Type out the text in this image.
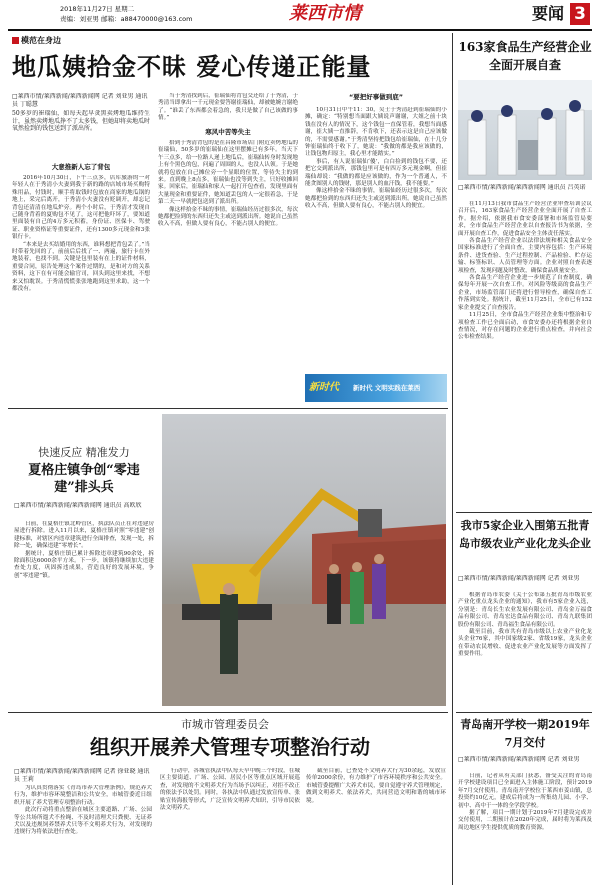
2018年11月27日 星期二
责编：刘亚男 邮箱：a88470000@163.com	莱西市情	要闻 3
模范在身边
地瓜姨拾金不昧 爱心传递正能量
□莱西市情/莱西新闻/莱西新闻网 记者 刘亚男 通讯员 丁聪慧
50多岁的崔瑞仙，如每天起早贪黑卖烤地瓜维持生计，虽然卖烤地瓜挣不了太多钱，但她却将卖地瓜时氧然捡到的钱包送到了派出所。
大意推新人忘了背包

2016年10月30日，下午三点多，店库旅游的一对年轻人在于秀清小夫妻到我于新的路的店域市场买购特殊用品，付钱时，顺手将取钱时包放在商家的地瓜锅的地上，采完后离开，于秀清小夫妻没有贬调开，却忘记背包还清清在地瓜炉旁。两个小时后，于秀清才发现自己随身背着的夏购包不见了，这可把他吓坏了，要知道里面装有自己的4万多元积蓄，身份证、医保卡、驾驶证、职业资格证等重要证件，还有1300多元现金和3张银行卡。

“本来是去买结婚用的东西，谁料想把背包丢了。”当时带着先回的了，前前后后找了一、两遍，旅行卡在外地装着，也找不到。关键是包里装有在上的证件材料，重要合同，原告处理这个案件过期的，是和对方的关系资料，这下在有可能会输官司，回头到这里来找，不想来又怕耽误。于秀清慌慌张张地跑到这里求助，这一个都没有。

当于秀清找到后，崔瑞仙将背包交还给了于秀清，于秀清当即拿出一千元现金要答谢崔瑞仙，却被她婉言谢绝了。“谁丢了东西都会着急的，我只是做了自己该做的事情。”

寒风中苦等失主

拾到于秀清背包的是在昌隆市场店门附近卖烤地瓜的崔瑞仙，50多岁的崔瑞仙在这里摆摊已有多年。当天下午三点多，给一位路人递上地瓜后，崔瑞仙转身时发现地上有个黑色的包，问遍了周围的人，也没人认领。于是她就将包放在自己摊位旁一个显眼的位置，等待失主的到来。直到晚上8点多，崔瑞仙也没等到失主，只好收摊回家。回家后，崔瑞仙和家人一起打开包查看，发现里面有大量现金和重要证件，她知道丢包的人一定很着急，于是第二天一早就把包送到了派出所。

像这样拾金不昧的事情，崔瑞仙经历过很多次，每次她都把捡到的东西归还失主或送到派出所。她说自己虽然收入不高，但做人要有良心，不能占别人的便宜。

“要把好事做到底”

10月31日中午11：30，吴士于秀清赶到崔瑞仙的小摊，确定：“特别想当面跟大姨说声谢谢，大姐之前十块钱在没有人的情况下，这个钱包一直保管着，我想当面感谢，崔大姨一直推辞，不肯收下，还表示这是自己应该做的，不需要感谢。”于秀清坚持把钱包给崔瑞仙，在十几分钟崔瑞仙终于收下了，她说：“我做的都是我应该做的，让钱包物归原主，我心里才能踏实。”

事后，有人说崔瑞仙‘傻’，白白捡到的钱包不要，还把它交到派出所，那钱包里可是有四万多元现金啊，但崔瑞仙却说：“我做的都是应该做的，作为一个普通人，不能贪图别人的钱财，那是别人的血汗钱，我不能要。”

像这样拾金不昧的事情，崔瑞仙经历过很多次，每次她都把捡到的东西归还失主或送到派出所。她说自己虽然收入不高，但做人要有良心，不能占别人的便宜。

新时代	新时代 文明实践在莱西
快速反应 精准发力
夏格庄镇争创“零违建”排头兵
□莱西市情/莱西新闻/莱西新闻网 通讯员 高欧欣

日前，在夏格庄镇北岭管区，执法队员正在对违建房屋进行拆除。进入11月以来，夏格庄镇对照“零违建”创建标准，对辖区内违章建筑进行全面排查，发现一处，拆除一处，确保违建“零增长”。

据统计，夏格庄镇已累计拆除违章建筑90余处，拆除面积达6000余平方米。下一步，该镇将继续加大违建查处力度，巩固拆违成果，营造良好的发展环境，争创“零违建”镇。

市城市管理委员会
组织开展养犬管理专项整治行动
□莱西市情/莱西新闻/莱西新闻网 记者 徐亚晓 通讯员 王莉

为认真贯彻落实《青岛市养犬管理条例》，规范养犬行为，维护市容环境整洁和公共安全，市城管委近日组织开展了养犬管理专项整治行动。

此次行动将重点整治在城区主要道路、广场、公园等公共场所遛犬不拴绳、不及时清理犬只粪便、无证养犬以及违规饲养禁养犬只等不文明养犬行为，对发现的违规行为将依法进行查处。

行动中，各城管执法中队每天早中晚三个时段，在城区主要街道、广场、公园、居民小区等重点区域开展巡查，对发现的不文明养犬行为当场予以纠正，对拒不改正的依法予以处罚。同时，各执法中队通过发放宣传单、张贴宣传海报等形式，广泛宣传文明养犬知识，引导市民依法文明养犬。

截至目前，已查处不文明养犬行为30余起，发放宣传单2000余份，有力维护了市容环境秩序和公共安全。市城管委提醒广大养犬市民，要自觉遵守养犬管理规定，做到文明养犬、依法养犬，共同营造文明和谐的城市环境。

163家食品生产经营企业全面开展自查
□莱西市情/莱西新闻/莱西新闻网 通讯员 吕英诺

在11月13日我市食品生产经营企业审查培训会议召开后，163家食品生产经营企业全面开展了自查工作。据介绍，依据我市食安委部署和市场监管局要求，全市食品生产经营企业以自查报告书为依据，全面开展自查工作，促进食品安全主体责任落实。

各食品生产经营企业以法律法规和相关食品安全国家标准进行了全面自查，主要内容包括：生产环境条件、进货查验、生产过程控制、产品检验、贮存运输、标签标识、人员管理等方面。企业对照自查表逐项检查，发现问题及时整改，确保食品质量安全。

各食品生产经营企业进一步规范了自查制度，确保每年开展一次自查工作。对风险等级高的食品生产企业，市场监管部门还将进行督导检查，确保自查工作落到实处。据统计，截至11月25日，全市已有152家企业提交了自查报告。

11月25日，全市食品生产经营企业集中整治和专项检查工作已全面启动，市食安委办还将根据企业自查情况，对存在问题的企业进行重点检查，并向社会公布检查结果。

我市5家企业入围第五批青岛市级农业产业化龙头企业
□莱西市情/莱西新闻/莱西新闻网 记者 刘亚男

根据青岛市农委《关于公布第五批青岛市级农业产业化重点龙头企业的通知》，我市有5家企业入选，分别是：青岛长生农业发展有限公司、青岛金万福食品有限公司、青岛宏达食品有限公司、青岛九联集团股份有限公司、青岛福生食品有限公司。

截至目前，我市共有青岛市级以上农业产业化龙头企业76家，其中国家级2家、省级19家，龙头企业在带动农民增收、促进农业产业化发展等方面发挥了重要作用。

青岛南开学校一期2019年7月交付
□莱西市情/莱西新闻/莱西新闻网 记者 刘亚男

日前，记者从有关部门获悉，备受关注的青岛南开学校建设项目已全面进入主体施工阶段，预计2019年7月交付使用。青岛南开学校位于莱西市姜山镇，总投资约10亿元，建成后将成为一所集幼儿园、小学、初中、高中于一体的全学段学校。

据了解，项目一期计划于2019年7月建设完成并交付使用，二期预计在2020年完成，届时将为莱西及周边地区学生提供优质的教育资源。
